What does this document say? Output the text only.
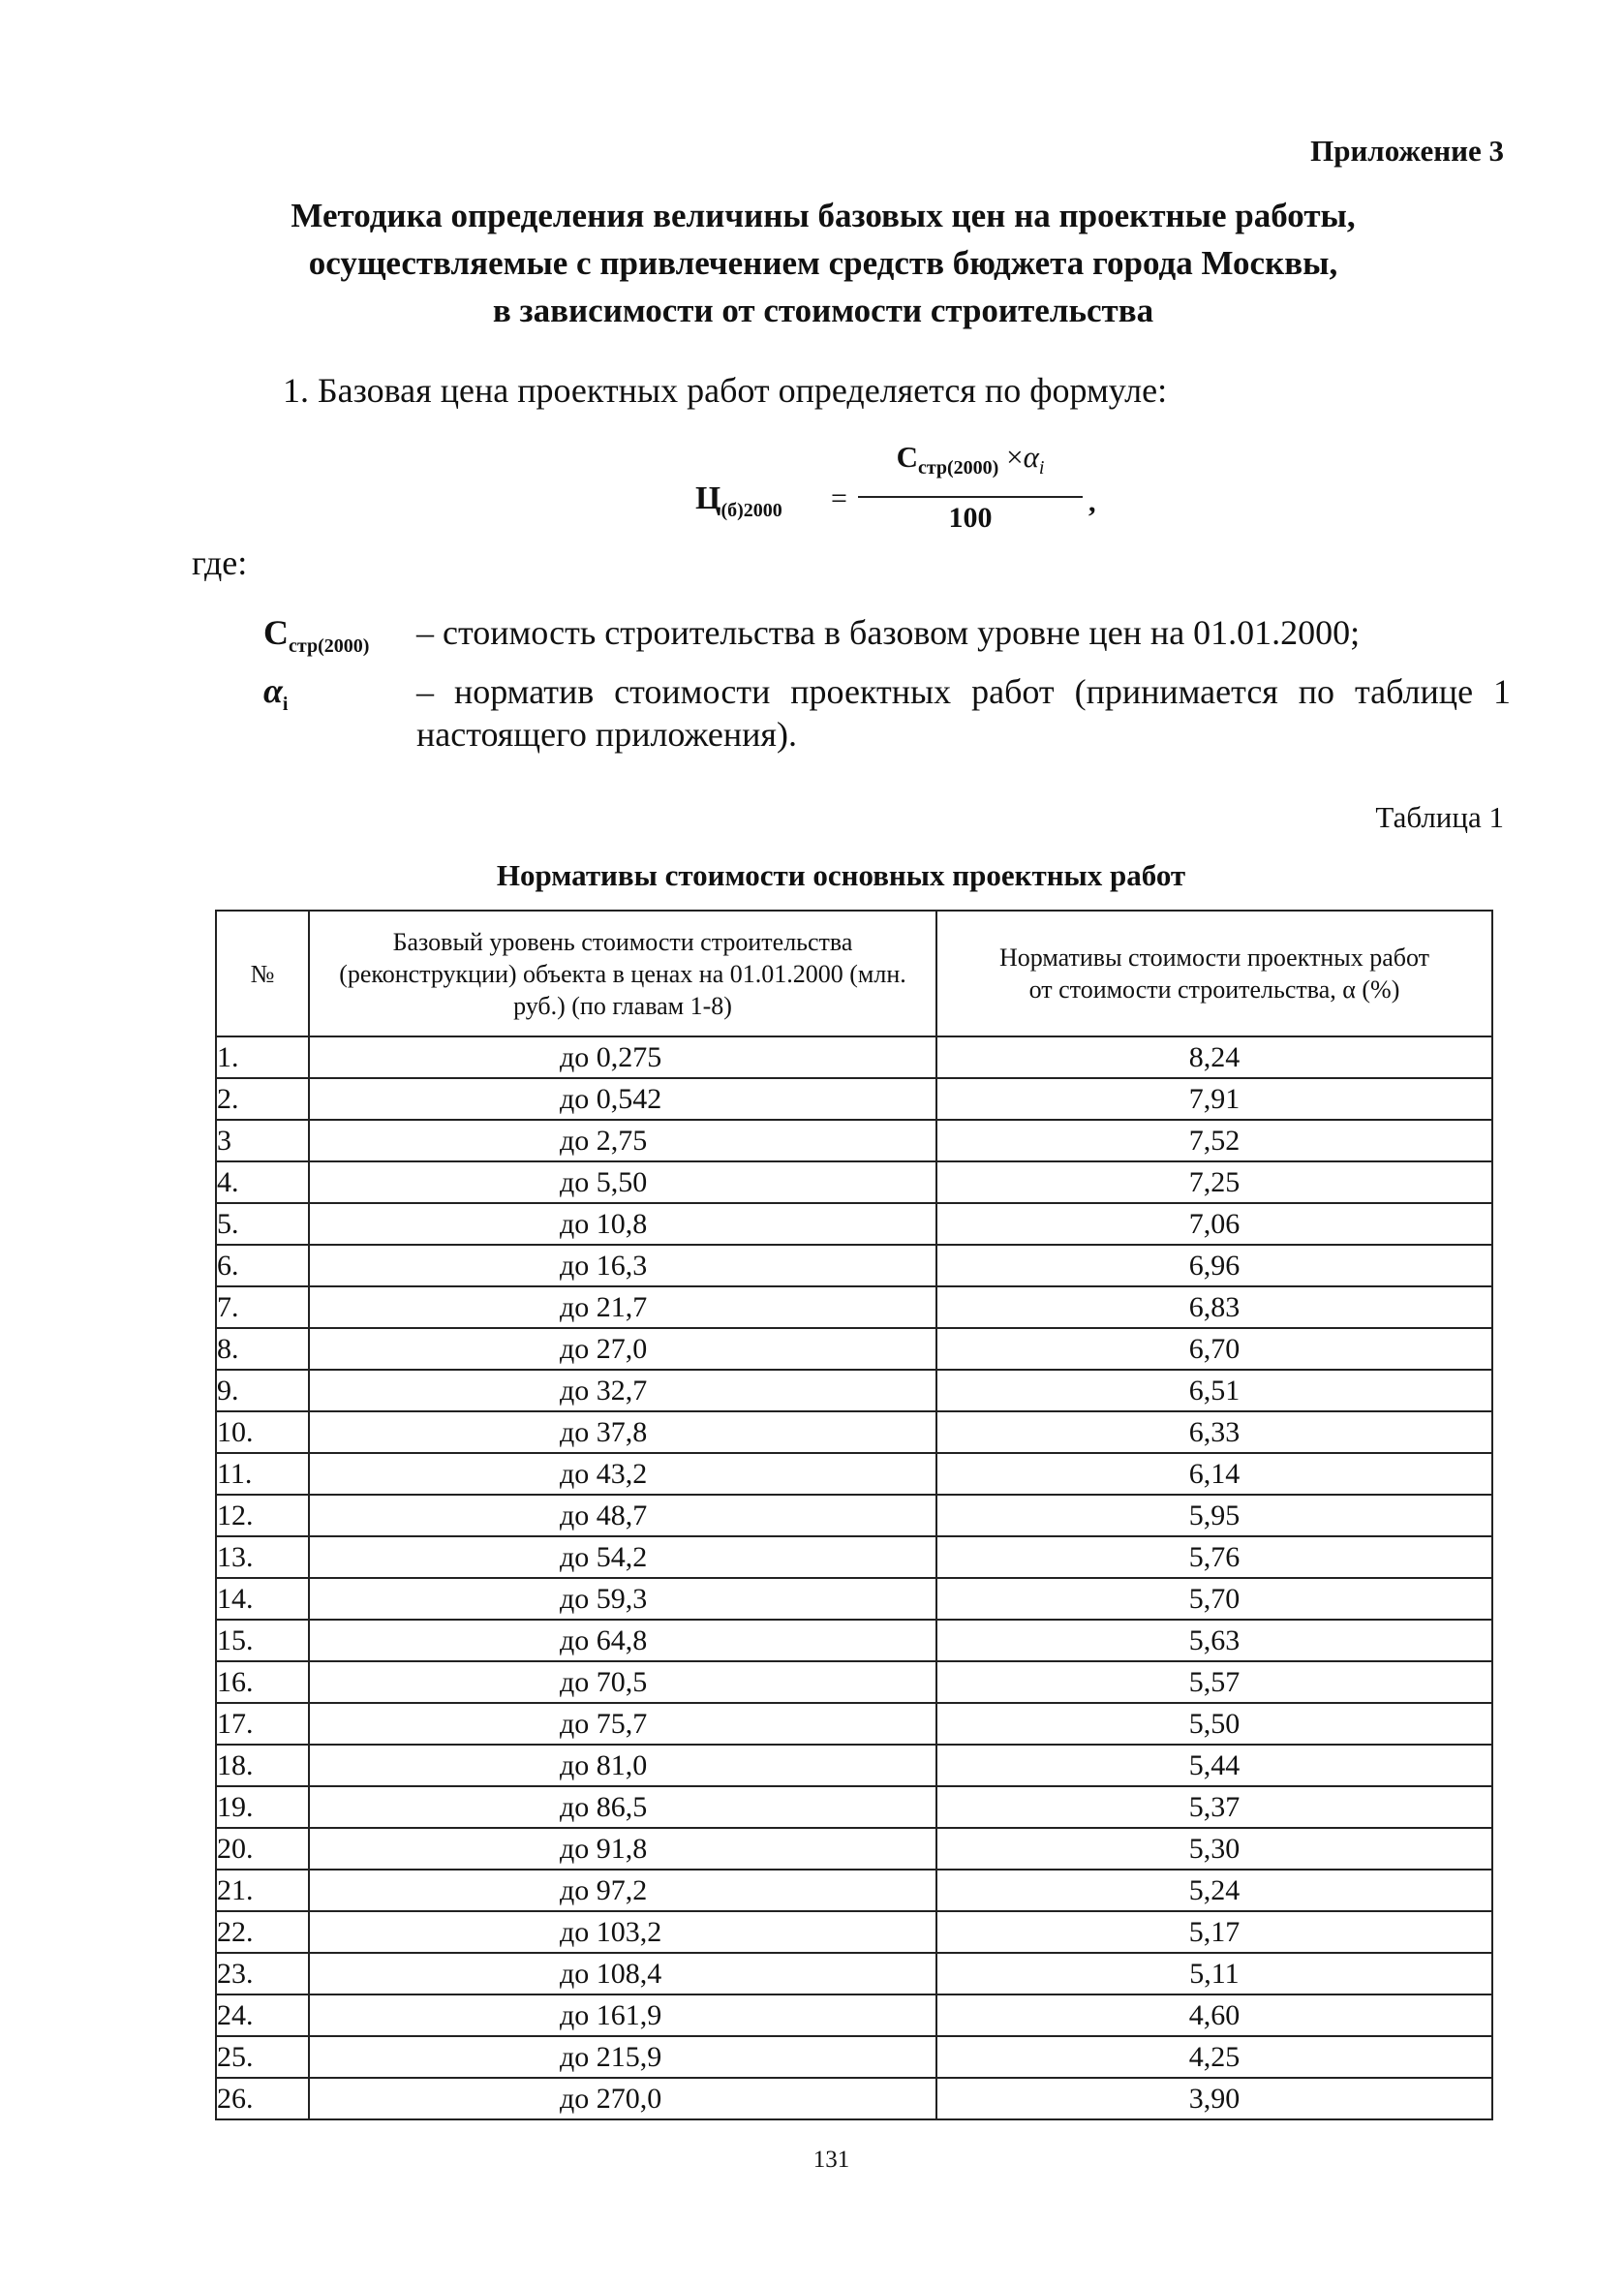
Приложение 3
Методика определения величины базовых цен на проектные работы,
осуществляемые с привлечением средств бюджета города Москвы,
в зависимости от стоимости строительства
1. Базовая цена проектных работ определяется по формуле:
$Ц_{(б)2000}$ =
$С_{стр(2000)} \times\alpha_i$
100	,
где:
$С_{стр(2000)}$ – стоимость строительства в базовом уровне цен на 01.01.2000;
$\alpha_i$	– норматив стоимости проектных работ (принимается по таблице 1 настоящего приложения).
Таблица 1
Нормативы стоимости основных проектных работ
№	Базовый уровень стоимости строительства (реконструкции) объекта в ценах на 01.01.2000 (млн. руб.) (по главам 1-8)	Нормативы стоимости проектных работ от стоимости строительства, α (%)
1.	до 0,275	8,24
2.	до 0,542	7,91
3	до 2,75	7,52
4.	до 5,50	7,25
5.	до 10,8	7,06
6.	до 16,3	6,96
7.	до 21,7	6,83
8.	до 27,0	6,70
9.	до 32,7	6,51
10.	до 37,8	6,33
11.	до 43,2	6,14
12.	до 48,7	5,95
13.	до 54,2	5,76
14.	до 59,3	5,70
15.	до 64,8	5,63
16.	до 70,5	5,57
17.	до 75,7	5,50
18.	до 81,0	5,44
19.	до 86,5	5,37
20.	до 91,8	5,30
21.	до 97,2	5,24
22.	до 103,2	5,17
23.	до 108,4	5,11
24.	до 161,9	4,60
25.	до 215,9	4,25
26.	до 270,0	3,90
131
